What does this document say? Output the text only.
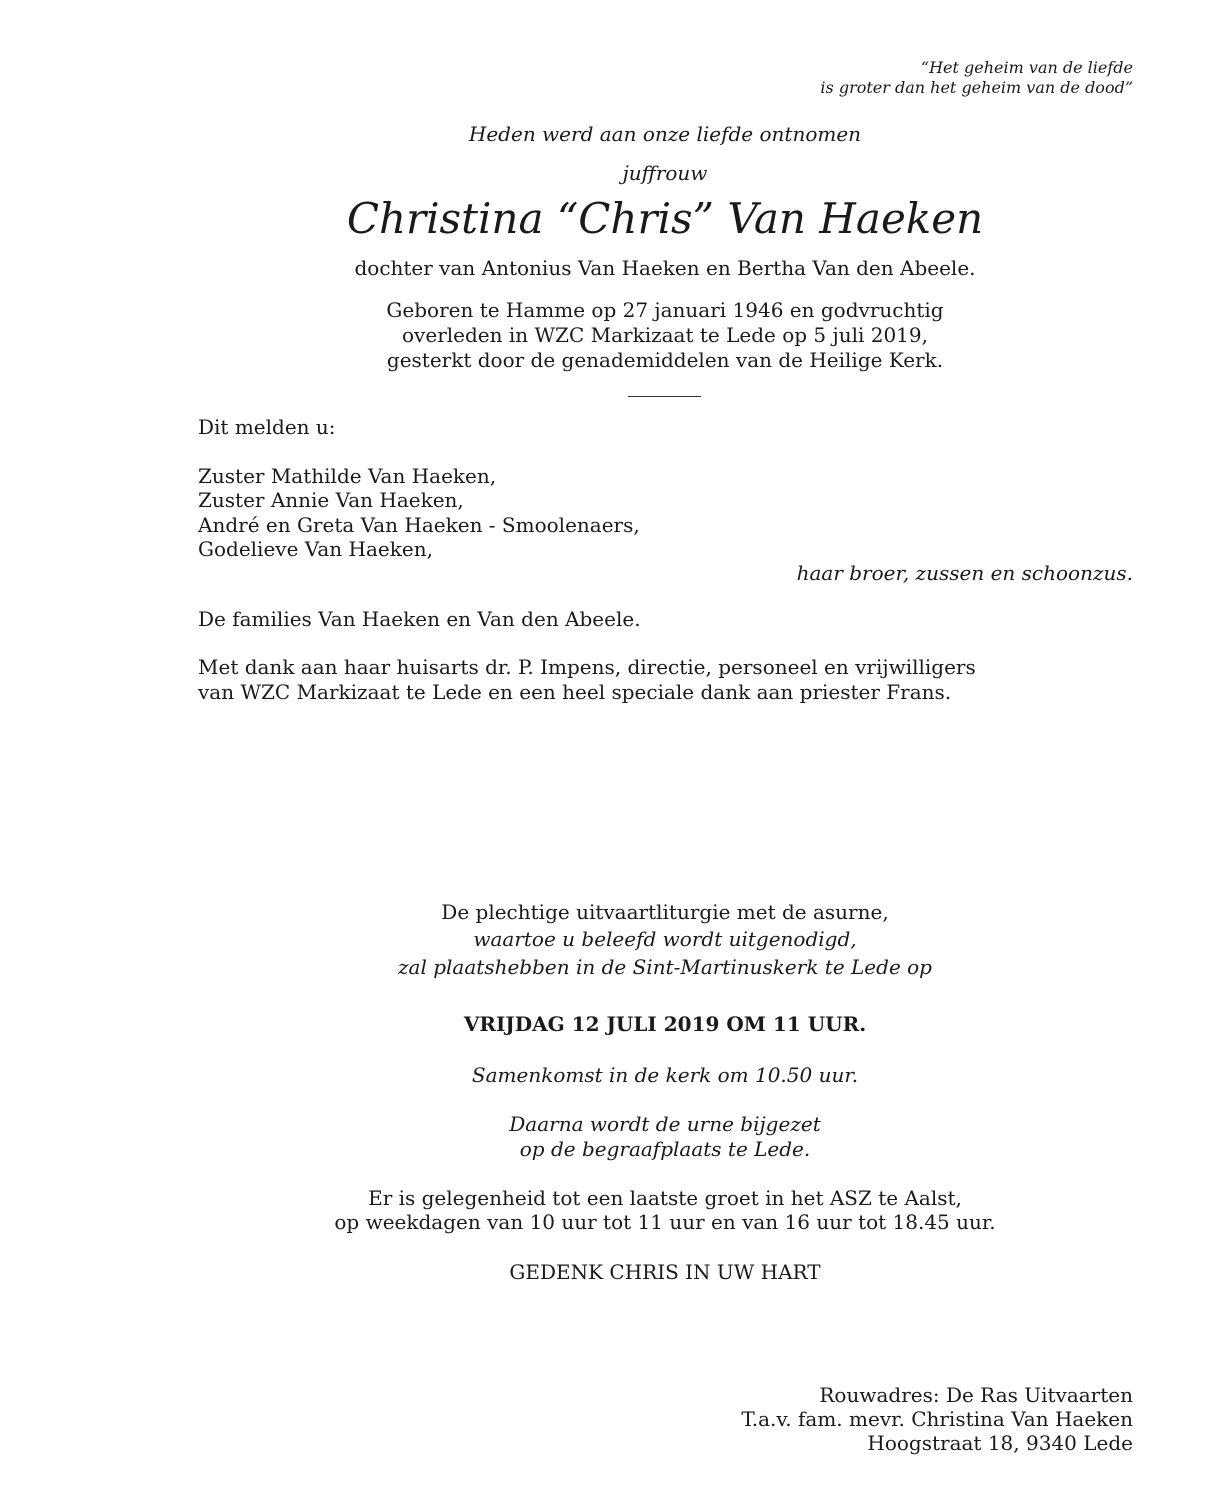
“Het geheim van de liefde
is groter dan het geheim van de dood”
Heden werd aan onze liefde ontnomen
juffrouw
Christina “Chris” Van Haeken
dochter van Antonius Van Haeken en Bertha Van den Abeele.
Geboren te Hamme op 27 januari 1946 en godvruchtig
overleden in WZC Markizaat te Lede op 5 juli 2019,
gesterkt door de genademiddelen van de Heilige Kerk.
Dit melden u:
Zuster Mathilde Van Haeken,
Zuster Annie Van Haeken,
André en Greta Van Haeken - Smoolenaers,
Godelieve Van Haeken,
haar broer, zussen en schoonzus.
De families Van Haeken en Van den Abeele.
Met dank aan haar huisarts dr. P. Impens, directie, personeel en vrijwilligers
van WZC Markizaat te Lede en een heel speciale dank aan priester Frans.
De plechtige uitvaartliturgie met de asurne,
waartoe u beleefd wordt uitgenodigd,
zal plaatshebben in de Sint-Martinuskerk te Lede op
VRIJDAG 12 JULI 2019 OM 11 UUR.
Samenkomst in de kerk om 10.50 uur.
Daarna wordt de urne bijgezet
op de begraafplaats te Lede.
Er is gelegenheid tot een laatste groet in het ASZ te Aalst,
op weekdagen van 10 uur tot 11 uur en van 16 uur tot 18.45 uur.
GEDENK CHRIS IN UW HART
Rouwadres: De Ras Uitvaarten
T.a.v. fam. mevr. Christina Van Haeken
Hoogstraat 18, 9340 Lede
